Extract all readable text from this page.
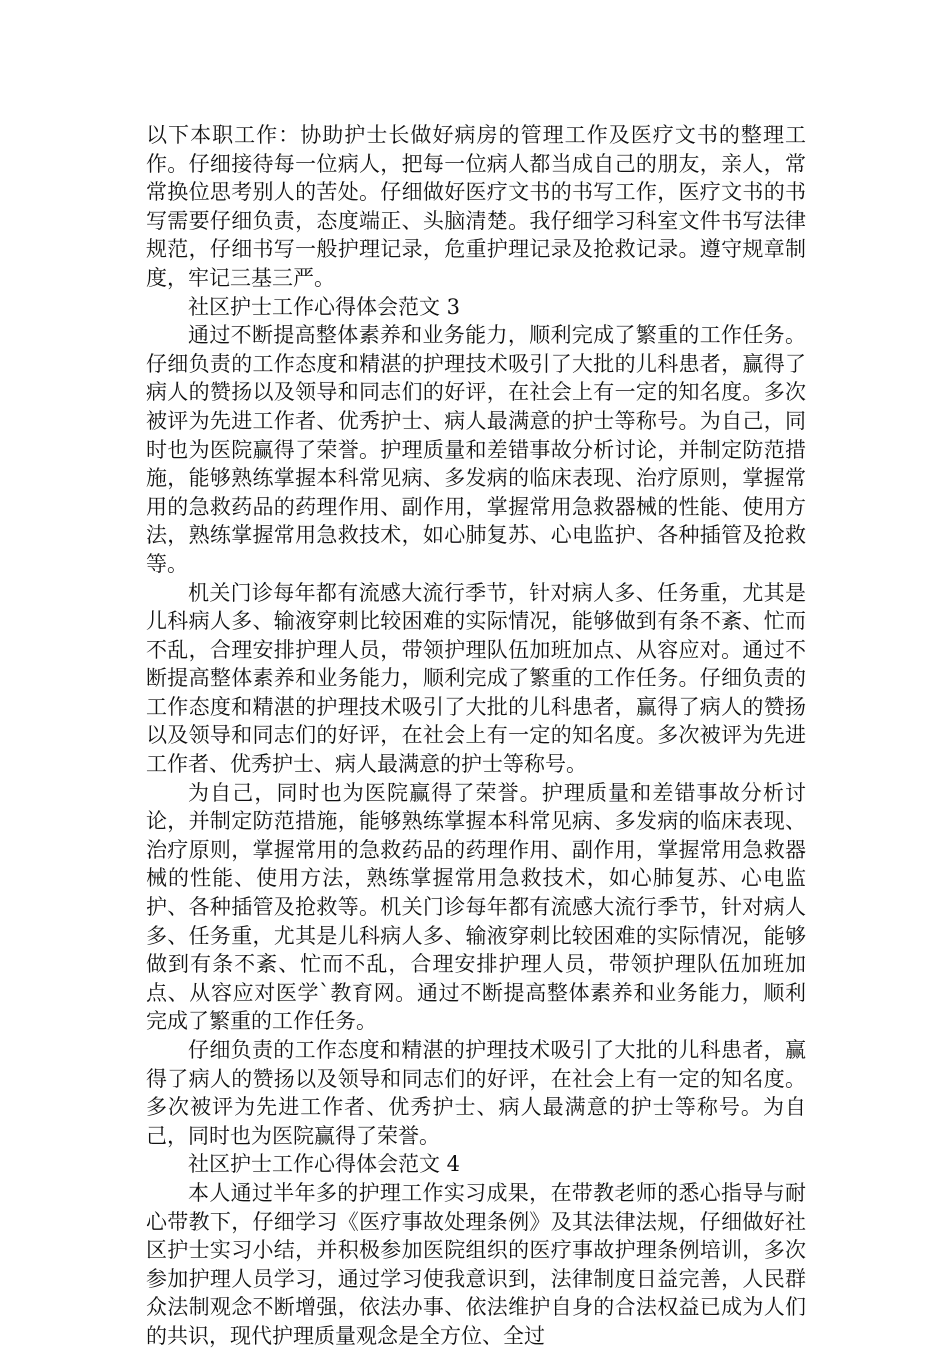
以下本职工作：协助护士长做好病房的管理工作及医疗文书的整理工作。仔细接待每一位病人，把每一位病人都当成自己的朋友，亲人，常常换位思考别人的苦处。仔细做好医疗文书的书写工作，医疗文书的书写需要仔细负责，态度端正、头脑清楚。我仔细学习科室文件书写法律规范，仔细书写一般护理记录，危重护理记录及抢救记录。遵守规章制度，牢记三基三严。

社区护士工作心得体会范文 3

通过不断提高整体素养和业务能力，顺利完成了繁重的工作任务。仔细负责的工作态度和精湛的护理技术吸引了大批的儿科患者，赢得了病人的赞扬以及领导和同志们的好评，在社会上有一定的知名度。多次被评为先进工作者、优秀护士、病人最满意的护士等称号。为自己，同时也为医院赢得了荣誉。护理质量和差错事故分析讨论，并制定防范措施，能够熟练掌握本科常见病、多发病的临床表现、治疗原则，掌握常用的急救药品的药理作用、副作用，掌握常用急救器械的性能、使用方法，熟练掌握常用急救技术，如心肺复苏、心电监护、各种插管及抢救等。

机关门诊每年都有流感大流行季节，针对病人多、任务重，尤其是儿科病人多、输液穿刺比较困难的实际情况，能够做到有条不紊、忙而不乱，合理安排护理人员，带领护理队伍加班加点、从容应对。通过不断提高整体素养和业务能力，顺利完成了繁重的工作任务。仔细负责的工作态度和精湛的护理技术吸引了大批的儿科患者，赢得了病人的赞扬以及领导和同志们的好评，在社会上有一定的知名度。多次被评为先进工作者、优秀护士、病人最满意的护士等称号。

为自己，同时也为医院赢得了荣誉。护理质量和差错事故分析讨论，并制定防范措施，能够熟练掌握本科常见病、多发病的临床表现、治疗原则，掌握常用的急救药品的药理作用、副作用，掌握常用急救器械的性能、使用方法，熟练掌握常用急救技术，如心肺复苏、心电监护、各种插管及抢救等。机关门诊每年都有流感大流行季节，针对病人多、任务重，尤其是儿科病人多、输液穿刺比较困难的实际情况，能够做到有条不紊、忙而不乱，合理安排护理人员，带领护理队伍加班加点、从容应对医学`教育网。通过不断提高整体素养和业务能力，顺利完成了繁重的工作任务。

仔细负责的工作态度和精湛的护理技术吸引了大批的儿科患者，赢得了病人的赞扬以及领导和同志们的好评，在社会上有一定的知名度。多次被评为先进工作者、优秀护士、病人最满意的护士等称号。为自己，同时也为医院赢得了荣誉。

社区护士工作心得体会范文 4

本人通过半年多的护理工作实习成果，在带教老师的悉心指导与耐心带教下，仔细学习《医疗事故处理条例》及其法律法规，仔细做好社区护士实习小结，并积极参加医院组织的医疗事故护理条例培训，多次参加护理人员学习，通过学习使我意识到，法律制度日益完善，人民群众法制观念不断增强，依法办事、依法维护自身的合法权益已成为人们的共识，现代护理质量观念是全方位、全过
